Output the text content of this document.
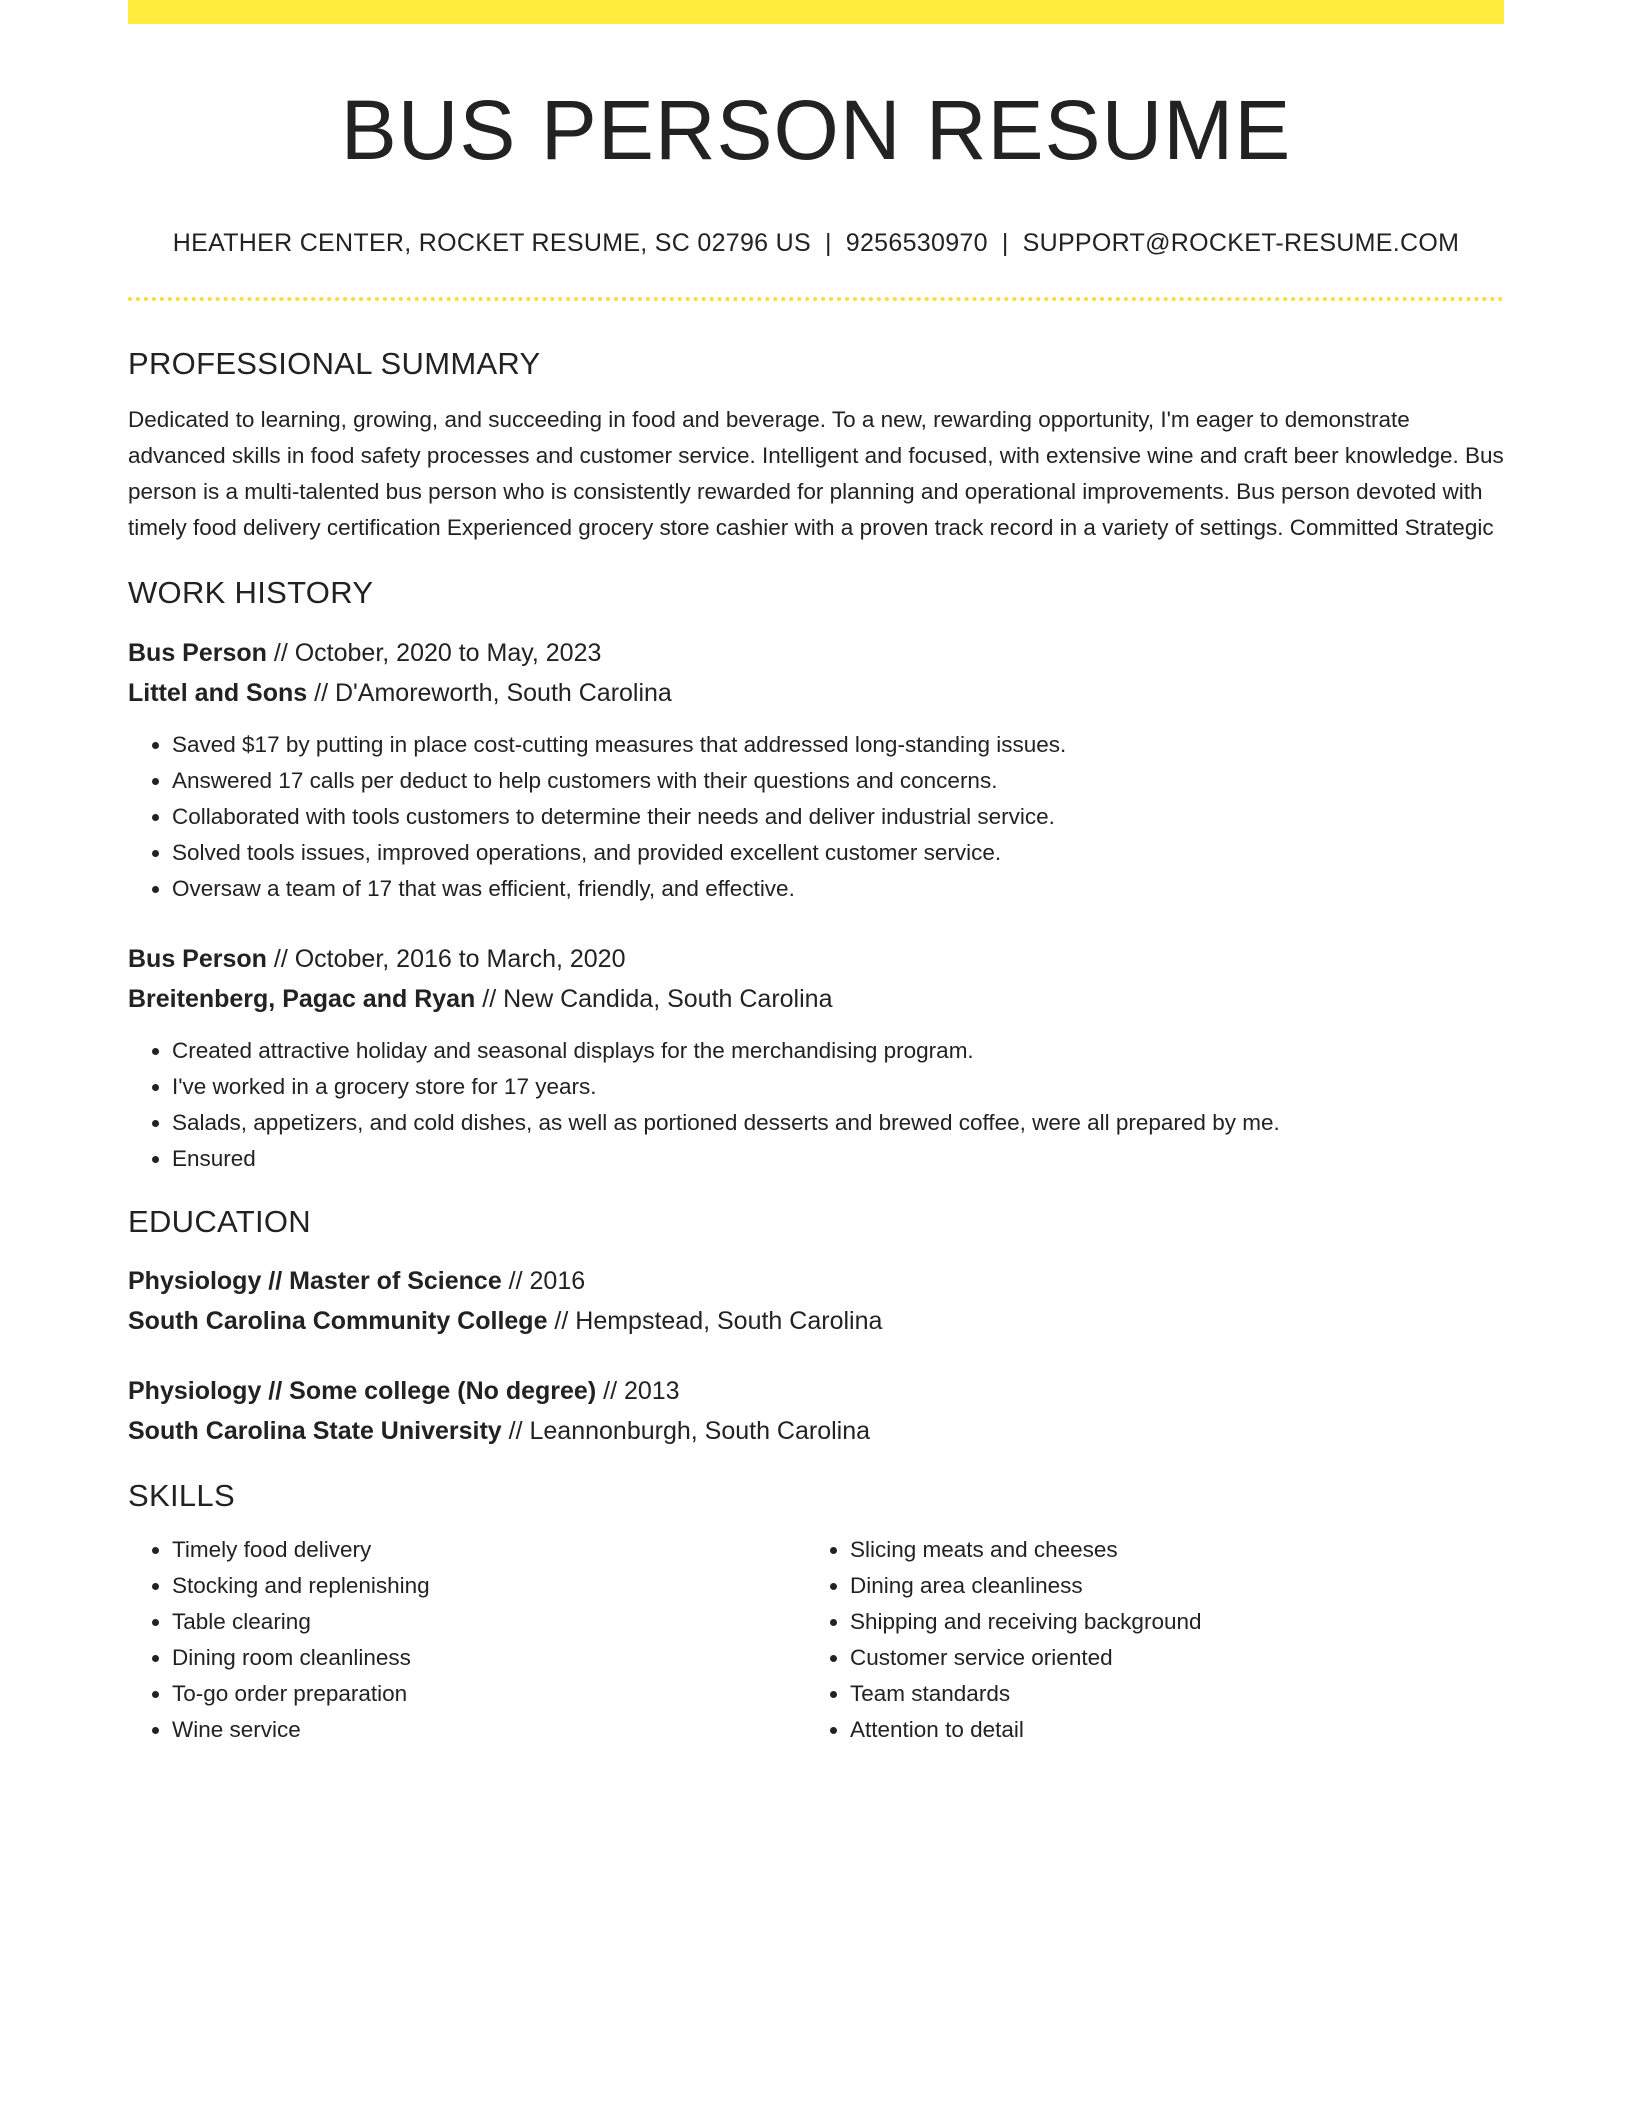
BUS PERSON RESUME
HEATHER CENTER, ROCKET RESUME, SC 02796 US | 9256530970 | SUPPORT@ROCKET-RESUME.COM
PROFESSIONAL SUMMARY

Dedicated to learning, growing, and succeeding in food and beverage. To a new, rewarding opportunity, I'm eager to demonstrate advanced skills in food safety processes and customer service. Intelligent and focused, with extensive wine and craft beer knowledge. Bus person is a multi-talented bus person who is consistently rewarded for planning and operational improvements. Bus person devoted with timely food delivery certification Experienced grocery store cashier with a proven track record in a variety of settings. Committed Strategic

WORK HISTORY
Bus Person // October, 2020 to May, 2023
Littel and Sons // D'Amoreworth, South Carolina
• Saved $17 by putting in place cost-cutting measures that addressed long-standing issues.
• Answered 17 calls per deduct to help customers with their questions and concerns.
• Collaborated with tools customers to determine their needs and deliver industrial service.
• Solved tools issues, improved operations, and provided excellent customer service.
• Oversaw a team of 17 that was efficient, friendly, and effective.
Bus Person // October, 2016 to March, 2020
Breitenberg, Pagac and Ryan // New Candida, South Carolina
• Created attractive holiday and seasonal displays for the merchandising program.
• I've worked in a grocery store for 17 years.
• Salads, appetizers, and cold dishes, as well as portioned desserts and brewed coffee, were all prepared by me.
• Ensured
EDUCATION
Physiology // Master of Science // 2016
South Carolina Community College // Hempstead, South Carolina
Physiology // Some college (No degree) // 2013
South Carolina State University // Leannonburgh, South Carolina
SKILLS
• Timely food delivery
• Stocking and replenishing
• Table clearing
• Dining room cleanliness
• To-go order preparation
• Wine service
• Slicing meats and cheeses
• Dining area cleanliness
• Shipping and receiving background
• Customer service oriented
• Team standards
• Attention to detail
